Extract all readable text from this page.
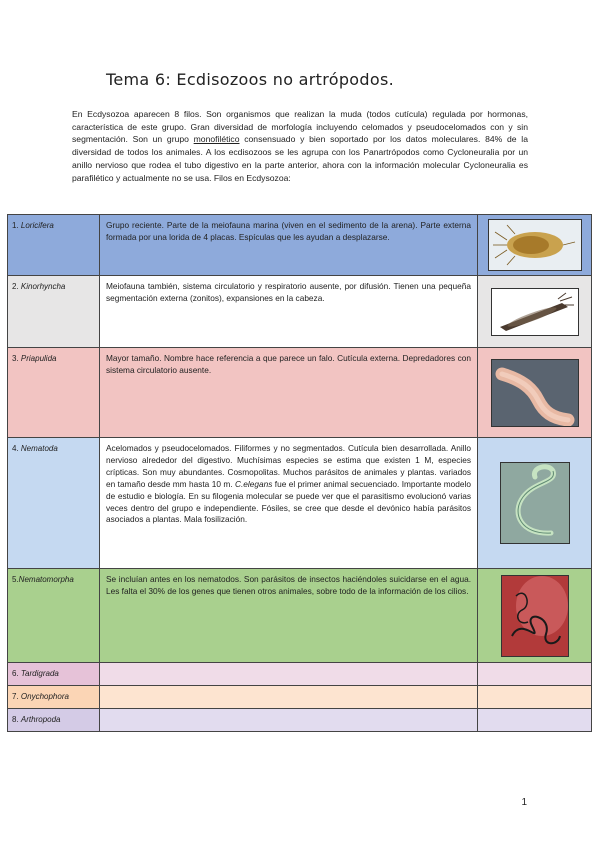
Tema 6: Ecdisozoos no artrópodos.
En Ecdysozoa aparecen 8 filos. Son organismos que realizan la muda (todos cutícula) regulada por hormonas, característica de este grupo. Gran diversidad de morfología incluyendo celomados y pseudocelomados con y sin segmentación. Son un grupo monofilético consensuado y bien soportado por los datos moleculares. 84% de la diversidad de todos los animales. A los ecdisozoos se les agrupa con los Panartrópodos como Cycloneuralia por un anillo nervioso que rodea el tubo digestivo en la parte anterior, ahora con la información molecular Cycloneuralia es parafilético y actualmente no se usa. Filos en Ecdysozoa:
1. Loricifera	Grupo reciente. Parte de la meiofauna marina (viven en el sedimento de la arena). Parte externa formada por una lorida de 4 placas. Espículas que les ayudan a desplazarse.	

2. Kinorhyncha	Meiofauna también, sistema circulatorio y respiratorio ausente, por difusión. Tienen una pequeña segmentación externa (zonitos), expansiones en la cabeza.	

3. Priapulida	Mayor tamaño. Nombre hace referencia a que parece un falo. Cutícula externa. Depredadores con sistema circulatorio ausente.	

4. Nematoda	Acelomados y pseudocelomados. Filiformes y no segmentados. Cutícula bien desarrollada. Anillo nervioso alrededor del digestivo. Muchísimas especies se estima que existen 1 M, especies crípticas. Son muy abundantes. Cosmopolitas. Muchos parásitos de animales y plantas. variados en tamaño desde mm hasta 10 m. C.elegans fue el primer animal secuenciado. Importante modelo de estudio e biología. En su filogenia molecular se puede ver que el parasitismo evolucionó varias veces dentro del grupo e independiente. Fósiles, se cree que desde el devónico había parásitos asociados a plantas. Mala fosilización.	

5.Nematomorpha	Se incluían antes en los nematodos. Son parásitos de insectos haciéndoles suicidarse en el agua. Les falta el 30% de los genes que tienen otros animales, sobre todo de la información de los cilios.	

6. Tardigrada		
7. Onychophora		
8. Arthropoda		
1
